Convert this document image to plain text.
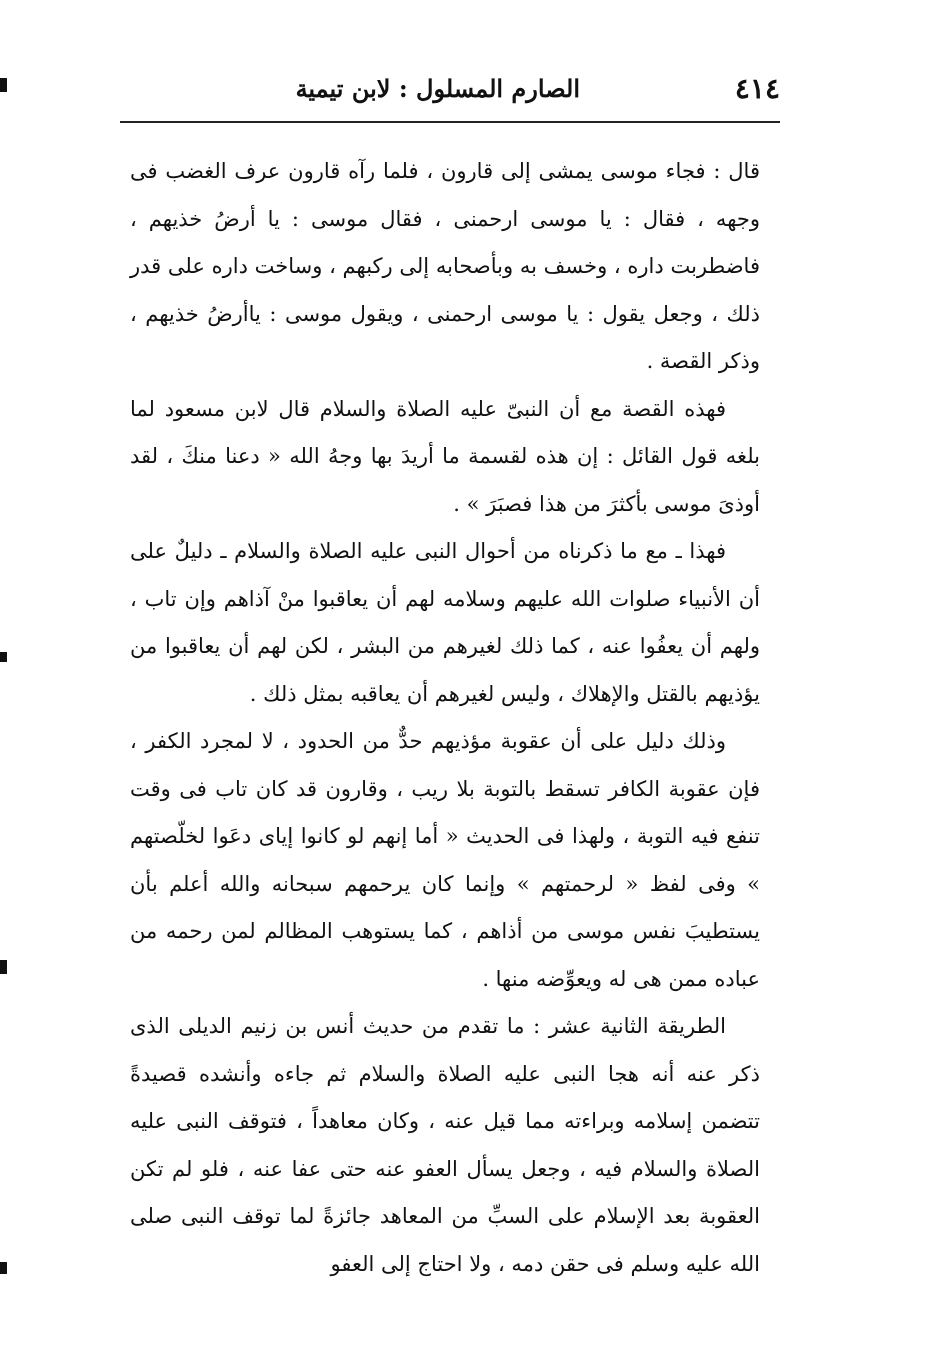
٤١٤
الصارم المسلول : لابن تيمية

قال : فجاء موسى يمشى إلى قارون ، فلما رآه قارون عرف الغضب فى وجهه ، فقال : يا موسى ارحمنى ، فقال موسى : يا أرضُ خذيهم ، فاضطربت داره ، وخسف به وبأصحابه إلى ركبهم ، وساخت داره على قدر ذلك ، وجعل يقول : يا موسى ارحمنى ، ويقول موسى : ياأرضُ خذيهم ، وذكر القصة .

فهذه القصة مع أن النبىّ عليه الصلاة والسلام قال لابن مسعود لما بلغه قول القائل : إن هذه لقسمة ما أريدَ بها وجهُ الله « دعنا منكَ ، لقد أوذىَ موسى بأكثرَ من هذا فصبَرَ » .

فهذا ـ مع ما ذكرناه من أحوال النبى عليه الصلاة والسلام ـ دليلٌ على أن الأنبياء صلوات الله عليهم وسلامه لهم أن يعاقبوا منْ آذاهم وإن تاب ، ولهم أن يعفُوا عنه ، كما ذلك لغيرهم من البشر ، لكن لهم أن يعاقبوا من يؤذيهم بالقتل والإهلاك ، وليس لغيرهم أن يعاقبه بمثل ذلك .

وذلك دليل على أن عقوبة مؤذيهم حدٌّ من الحدود ، لا لمجرد الكفر ، فإن عقوبة الكافر تسقط بالتوبة بلا ريب ، وقارون قد كان تاب فى وقت تنفع فيه التوبة ، ولهذا فى الحديث « أما إنهم لو كانوا إياى دعَوا لخلّصتهم » وفى لفظ « لرحمتهم » وإنما كان يرحمهم سبحانه والله أعلم بأن يستطيبَ نفس موسى من أذاهم ، كما يستوهب المظالم لمن رحمه من عباده ممن هى له ويعوِّضه منها .

الطريقة الثانية عشر : ما تقدم من حديث أنس بن زنيم الديلى الذى ذكر عنه أنه هجا النبى عليه الصلاة والسلام ثم جاءه وأنشده قصيدةً تتضمن إسلامه وبراءته مما قيل عنه ، وكان معاهداً ، فتوقف النبى عليه الصلاة والسلام فيه ، وجعل يسأل العفو عنه حتى عفا عنه ، فلو لم تكن العقوبة بعد الإسلام على السبِّ من المعاهد جائزةً لما توقف النبى صلى الله عليه وسلم فى حقن دمه ، ولا احتاج إلى العفو
